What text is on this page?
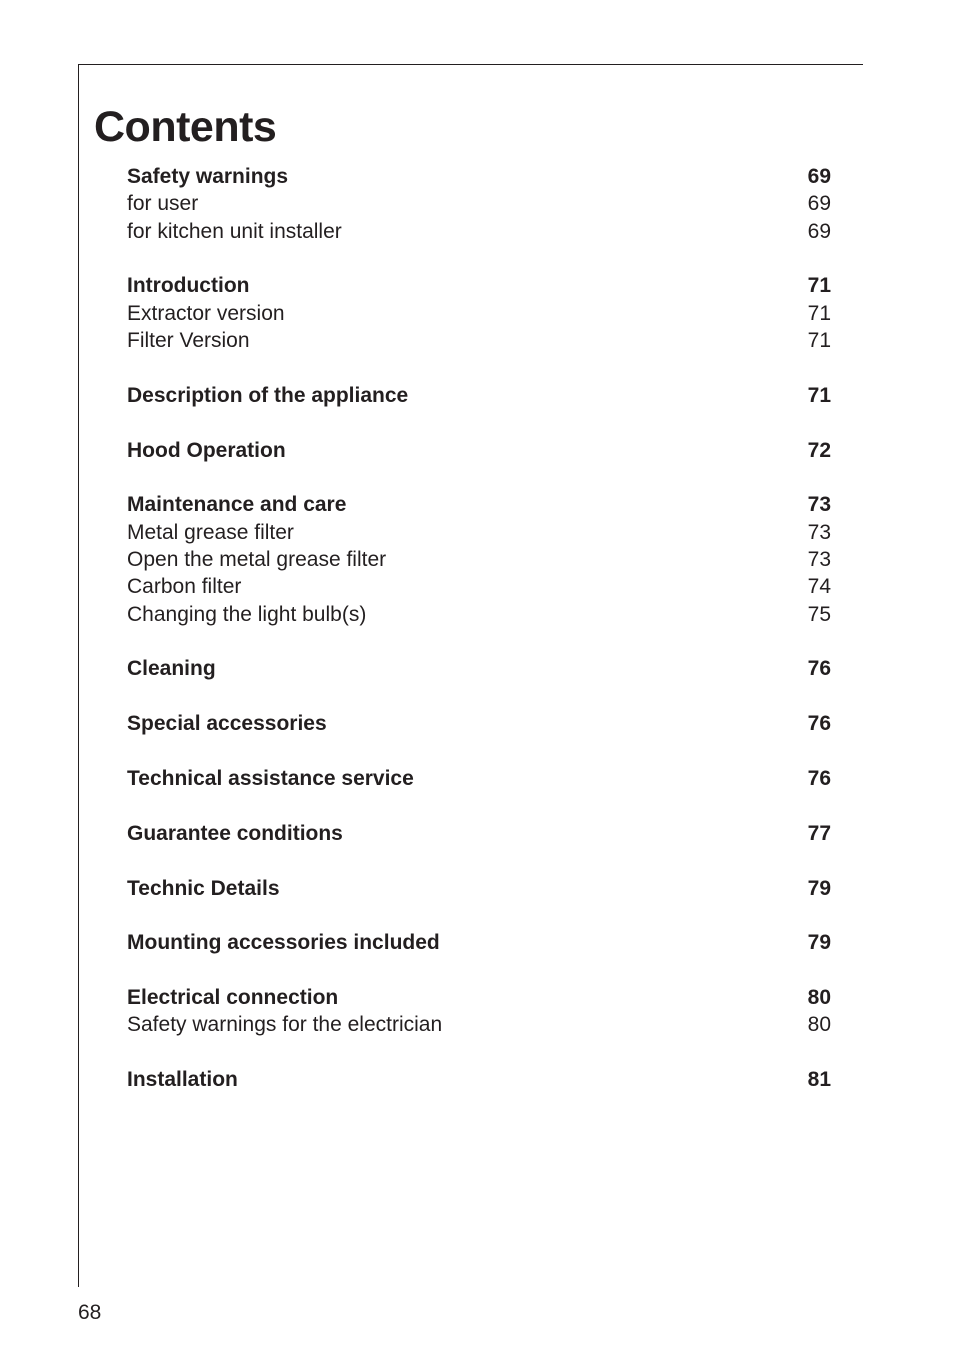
Contents
Safety warnings	69
for user	69
for kitchen unit installer	69
Introduction	71
Extractor version	71
Filter Version	71
Description of the appliance	71
Hood Operation	72
Maintenance and care	73
Metal grease filter	73
Open the metal grease filter	73
Carbon filter	74
Changing the light bulb(s)	75
Cleaning	76
Special accessories	76
Technical assistance service	76
Guarantee conditions	77
Technic Details	79
Mounting accessories included	79
Electrical connection	80
Safety warnings for the electrician	80
Installation	81
68
